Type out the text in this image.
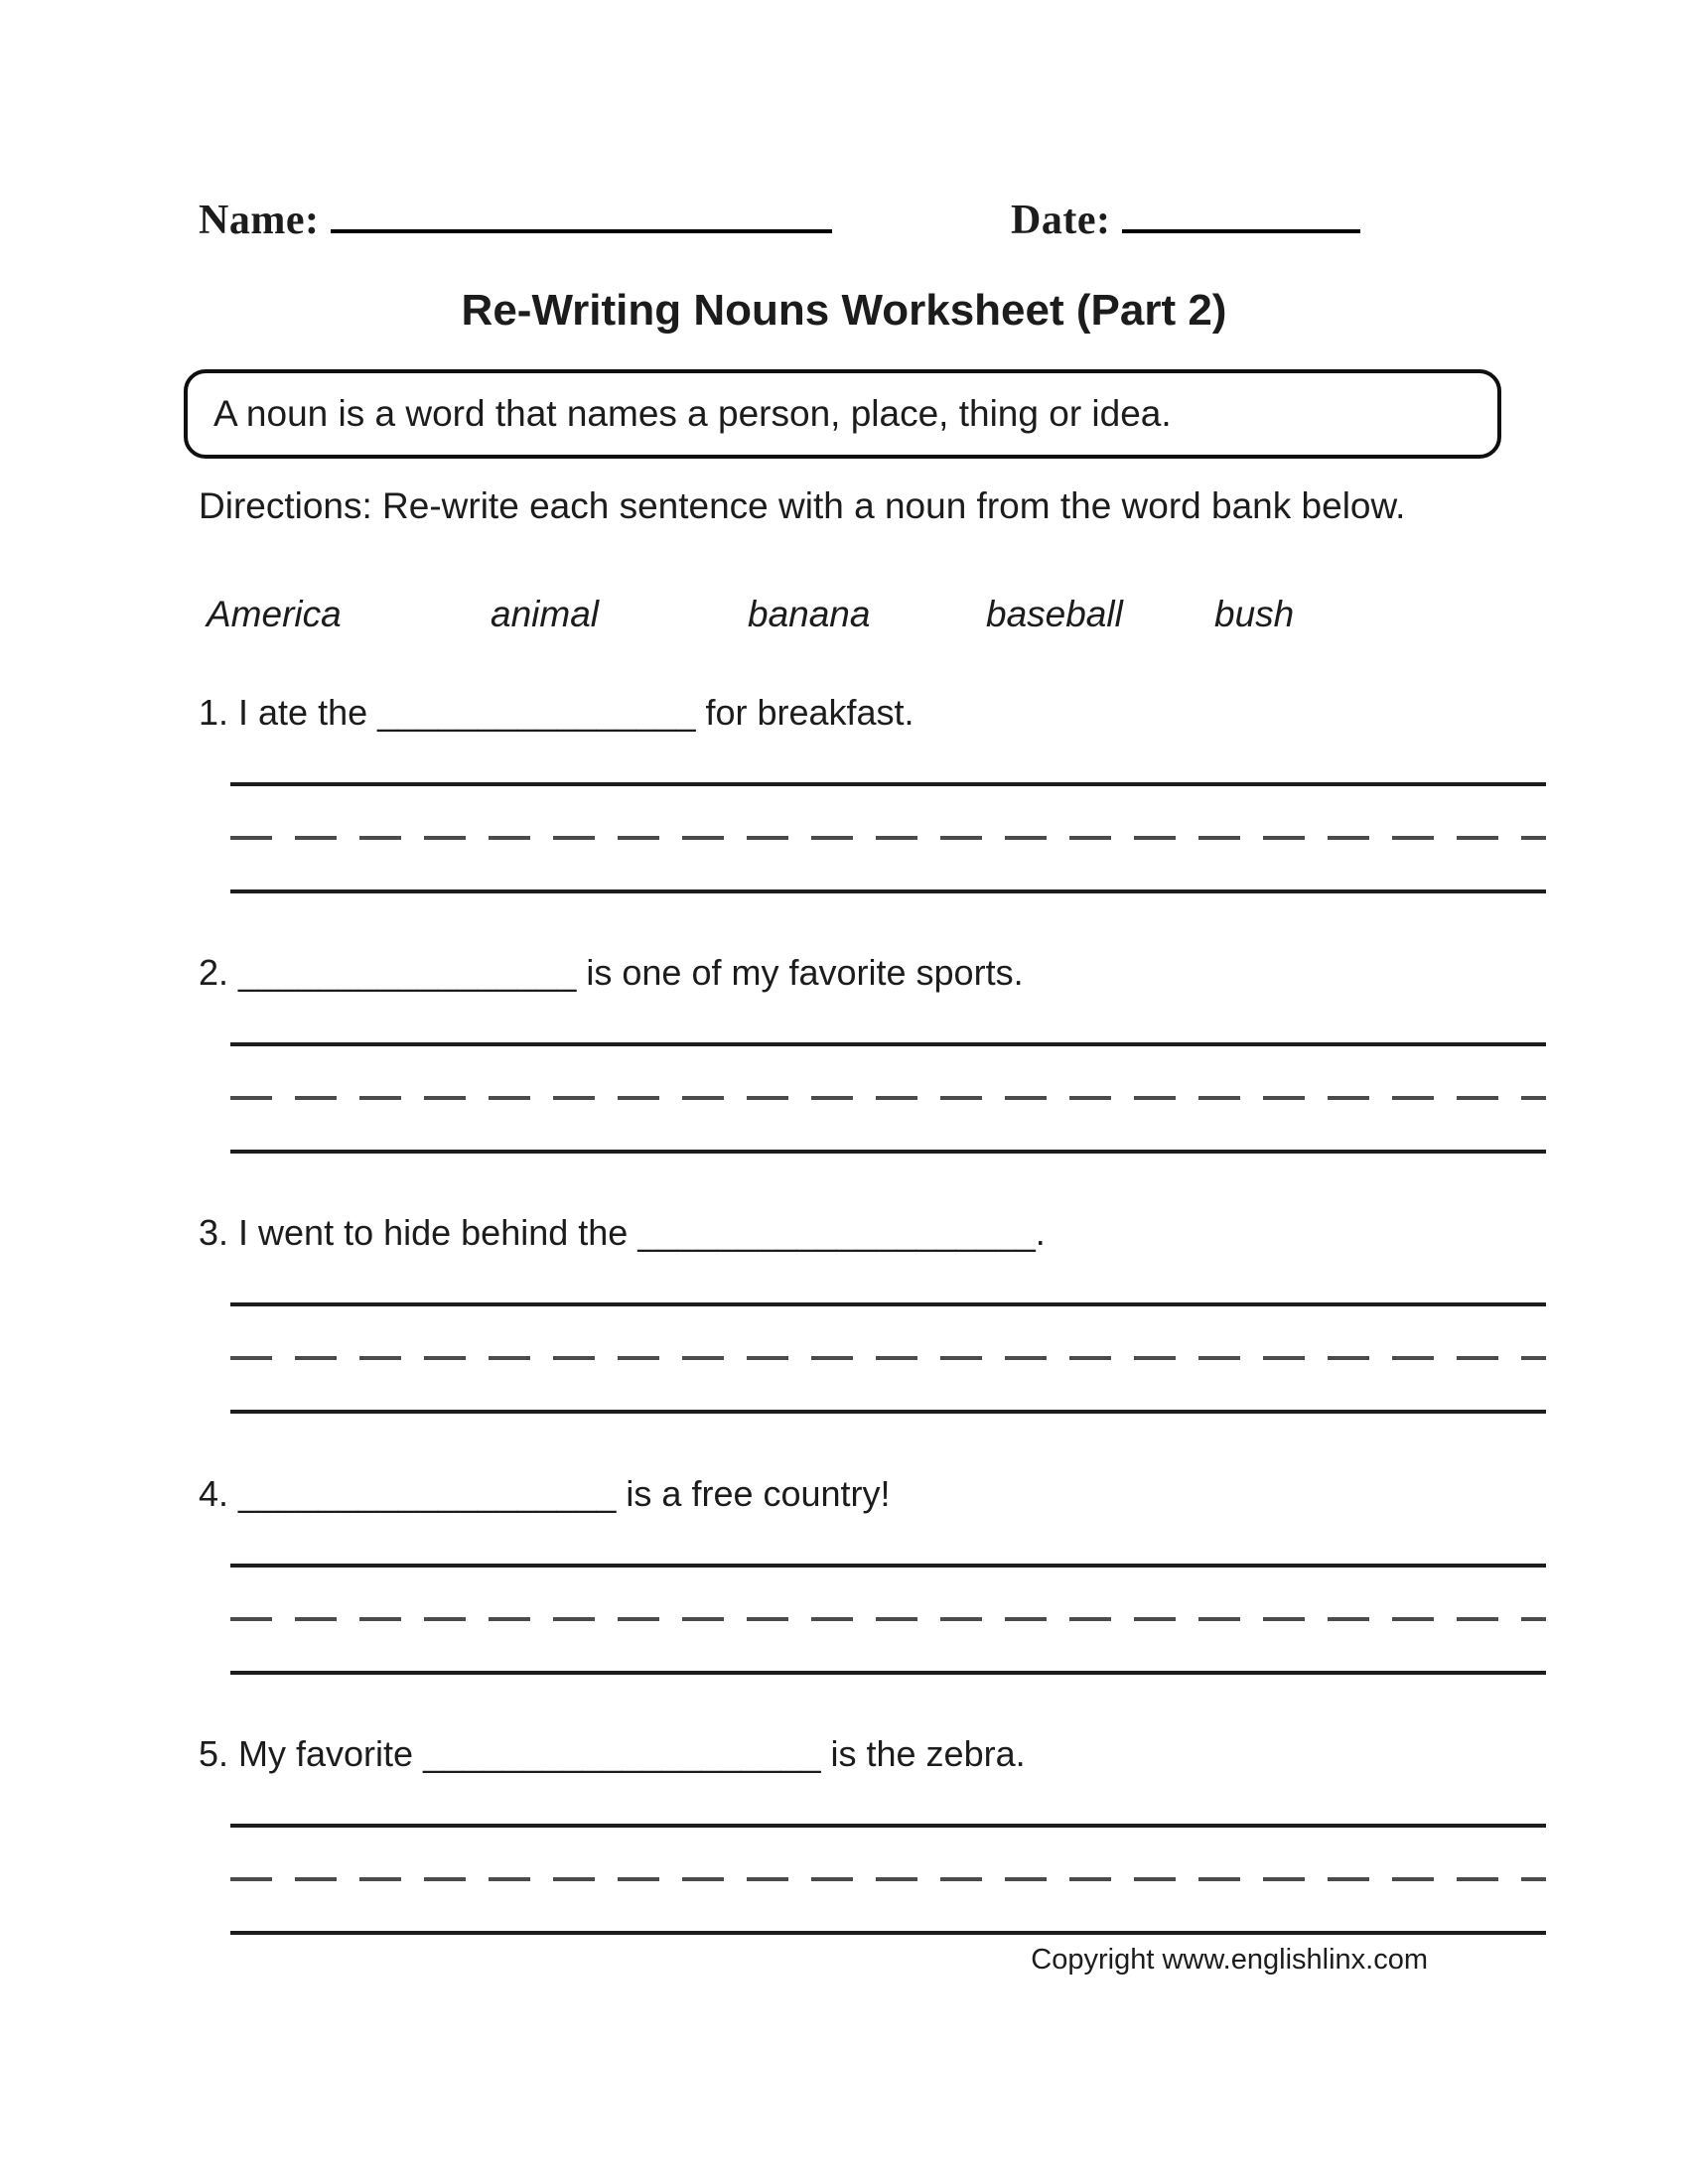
Name:	Date:
Re-Writing Nouns Worksheet (Part 2)
A noun is a word that names a person, place, thing or idea.

Directions: Re-write each sentence with a noun from the word bank below.

America	animal	banana	baseball bush

1. I ate the ________________ for breakfast.

2. _________________ is one of my favorite sports.

3. I went to hide behind the ____________________.

4. ___________________ is a free country!

5. My favorite ____________________ is the zebra.

Copyright www.englishlinx.com
